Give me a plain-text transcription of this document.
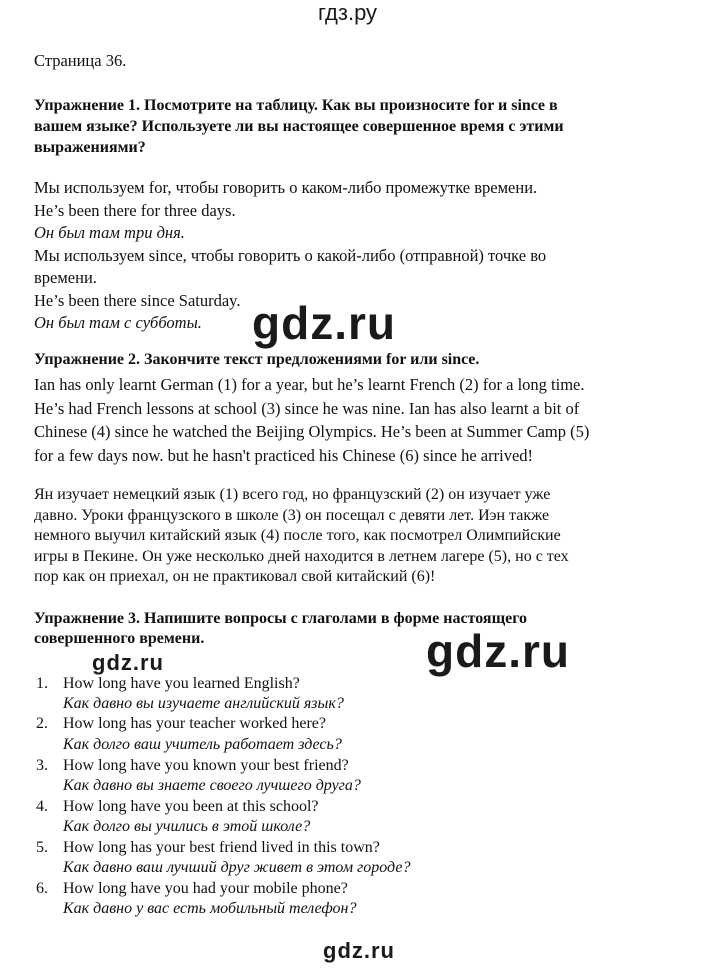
гдз.ру
Страница 36.
Упражнение 1. Посмотрите на таблицу. Как вы произносите for и since в
вашем языке? Используете ли вы настоящее совершенное время с этими
выражениями?
Мы используем for, чтобы говорить о каком-либо промежутке времени.
He’s been there for three days.
Он был там три дня.
Мы используем since, чтобы говорить о какой-либо (отправной) точке во
времени.
He’s been there since Saturday.
Он был там с субботы.	gdz.ru
Упражнение 2. Закончите текст предложениями for или since.
Ian has only learnt German (1) for a year, but he’s learnt French (2) for a long time.
He’s had French lessons at school (3) since he was nine. Ian has also learnt a bit of
Chinese (4) since he watched the Beijing Olympics. He’s been at Summer Camp (5)
for a few days now. but he hasn't practiced his Chinese (6) since he arrived!
Ян изучает немецкий язык (1) всего год, но французский (2) он изучает уже
давно. Уроки французского в школе (3) он посещал с девяти лет. Иэн также
немного выучил китайский язык (4) после того, как посмотрел Олимпийские
игры в Пекине. Он уже несколько дней находится в летнем лагере (5), но с тех
пор как он приехал, он не практиковал свой китайский (6)!
Упражнение 3. Напишите вопросы с глаголами в форме настоящего
совершенного времени.
gdz.ru	gdz.ru
1. How long have you learned English?
Как давно вы изучаете английский язык?
2. How long has your teacher worked here?
Как долго ваш учитель работает здесь?
3. How long have you known your best friend?
Как давно вы знаете своего лучшего друга?
4. How long have you been at this school?
Как долго вы учились в этой школе?
5. How long has your best friend lived in this town?
Как давно ваш лучший друг живет в этом городе?
6. How long have you had your mobile phone?
Как давно у вас есть мобильный телефон?
gdz.ru
